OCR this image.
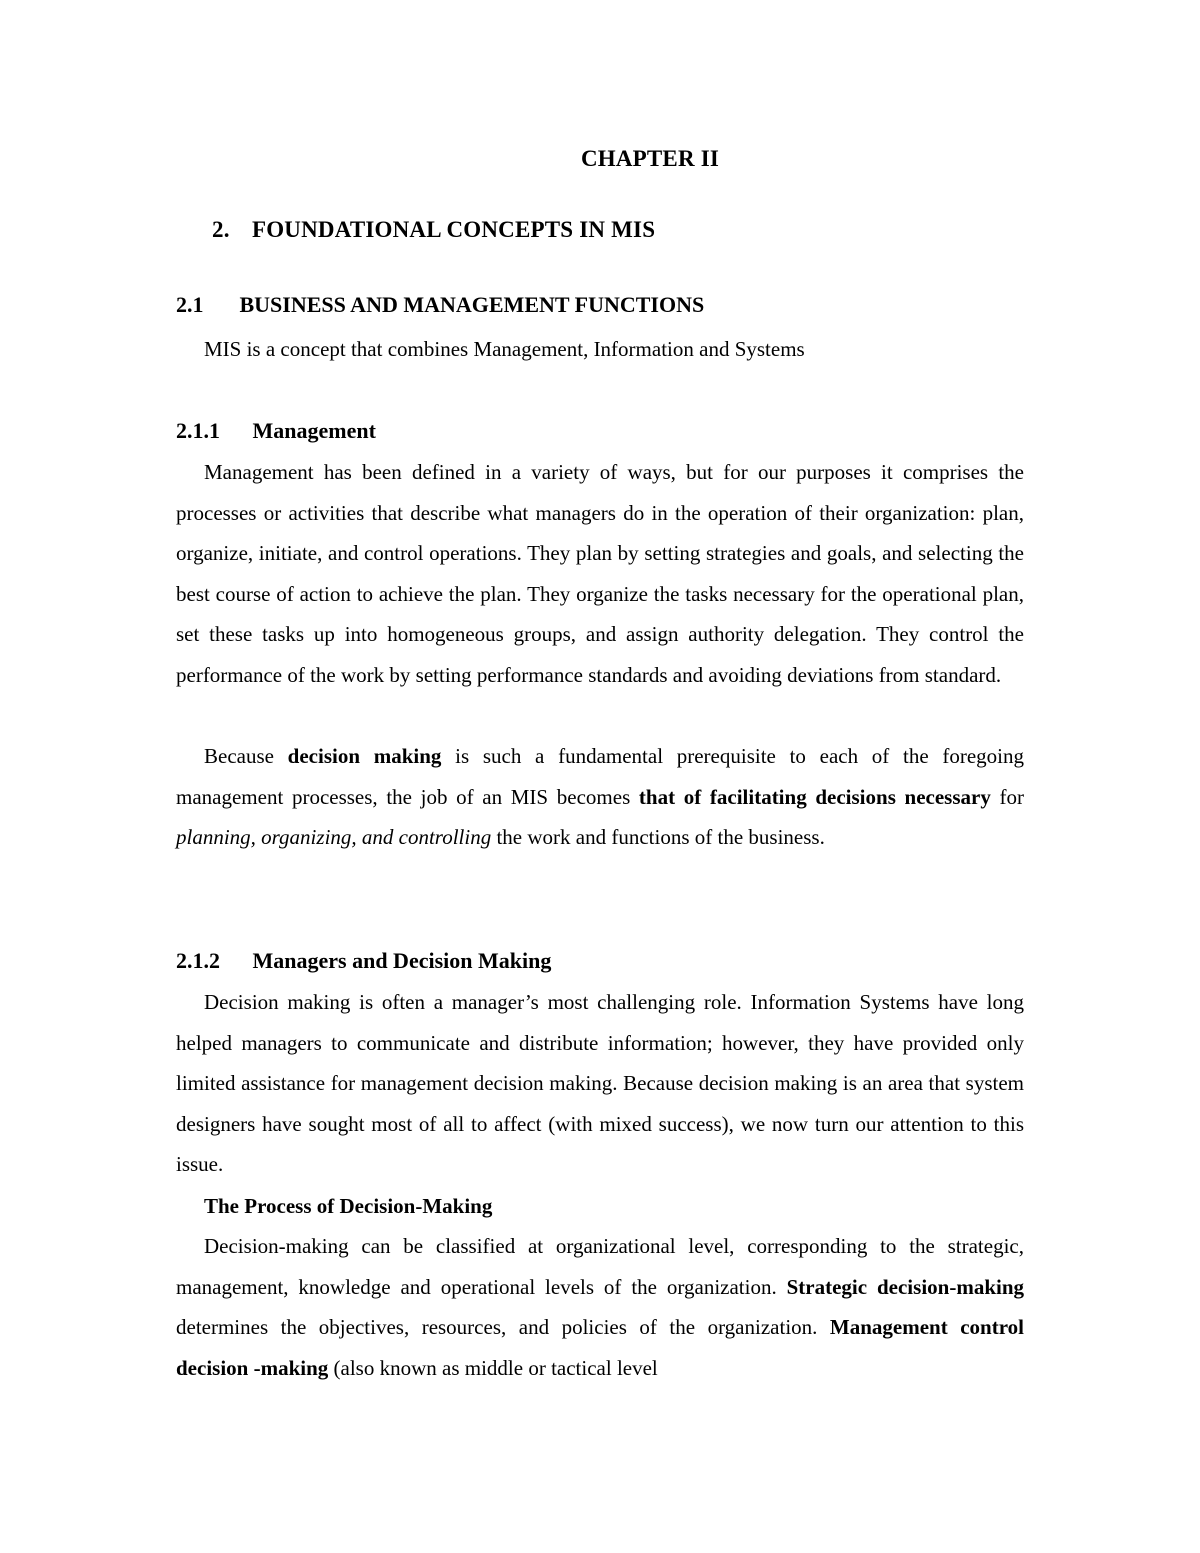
CHAPTER II
2. FOUNDATIONAL CONCEPTS IN MIS
2.1 BUSINESS AND MANAGEMENT FUNCTIONS
MIS is a concept that combines Management, Information and Systems
2.1.1 Management

Management has been defined in a variety of ways, but for our purposes it comprises the processes or activities that describe what managers do in the operation of their organization: plan, organize, initiate, and control operations. They plan by setting strategies and goals, and selecting the best course of action to achieve the plan. They organize the tasks necessary for the operational plan, set these tasks up into homogeneous groups, and assign authority delegation. They control the performance of the work by setting performance standards and avoiding deviations from standard.

Because decision making is such a fundamental prerequisite to each of the foregoing management processes, the job of an MIS becomes that of facilitating decisions necessary for planning, organizing, and controlling the work and functions of the business.

2.1.2 Managers and Decision Making

Decision making is often a manager’s most challenging role. Information Systems have long helped managers to communicate and distribute information; however, they have provided only limited assistance for management decision making. Because decision making is an area that system designers have sought most of all to affect (with mixed success), we now turn our attention to this issue.

The Process of Decision-Making

Decision-making can be classified at organizational level, corresponding to the strategic, management, knowledge and operational levels of the organization. Strategic decision-making determines the objectives, resources, and policies of the organization. Management control decision -making (also known as middle or tactical level
